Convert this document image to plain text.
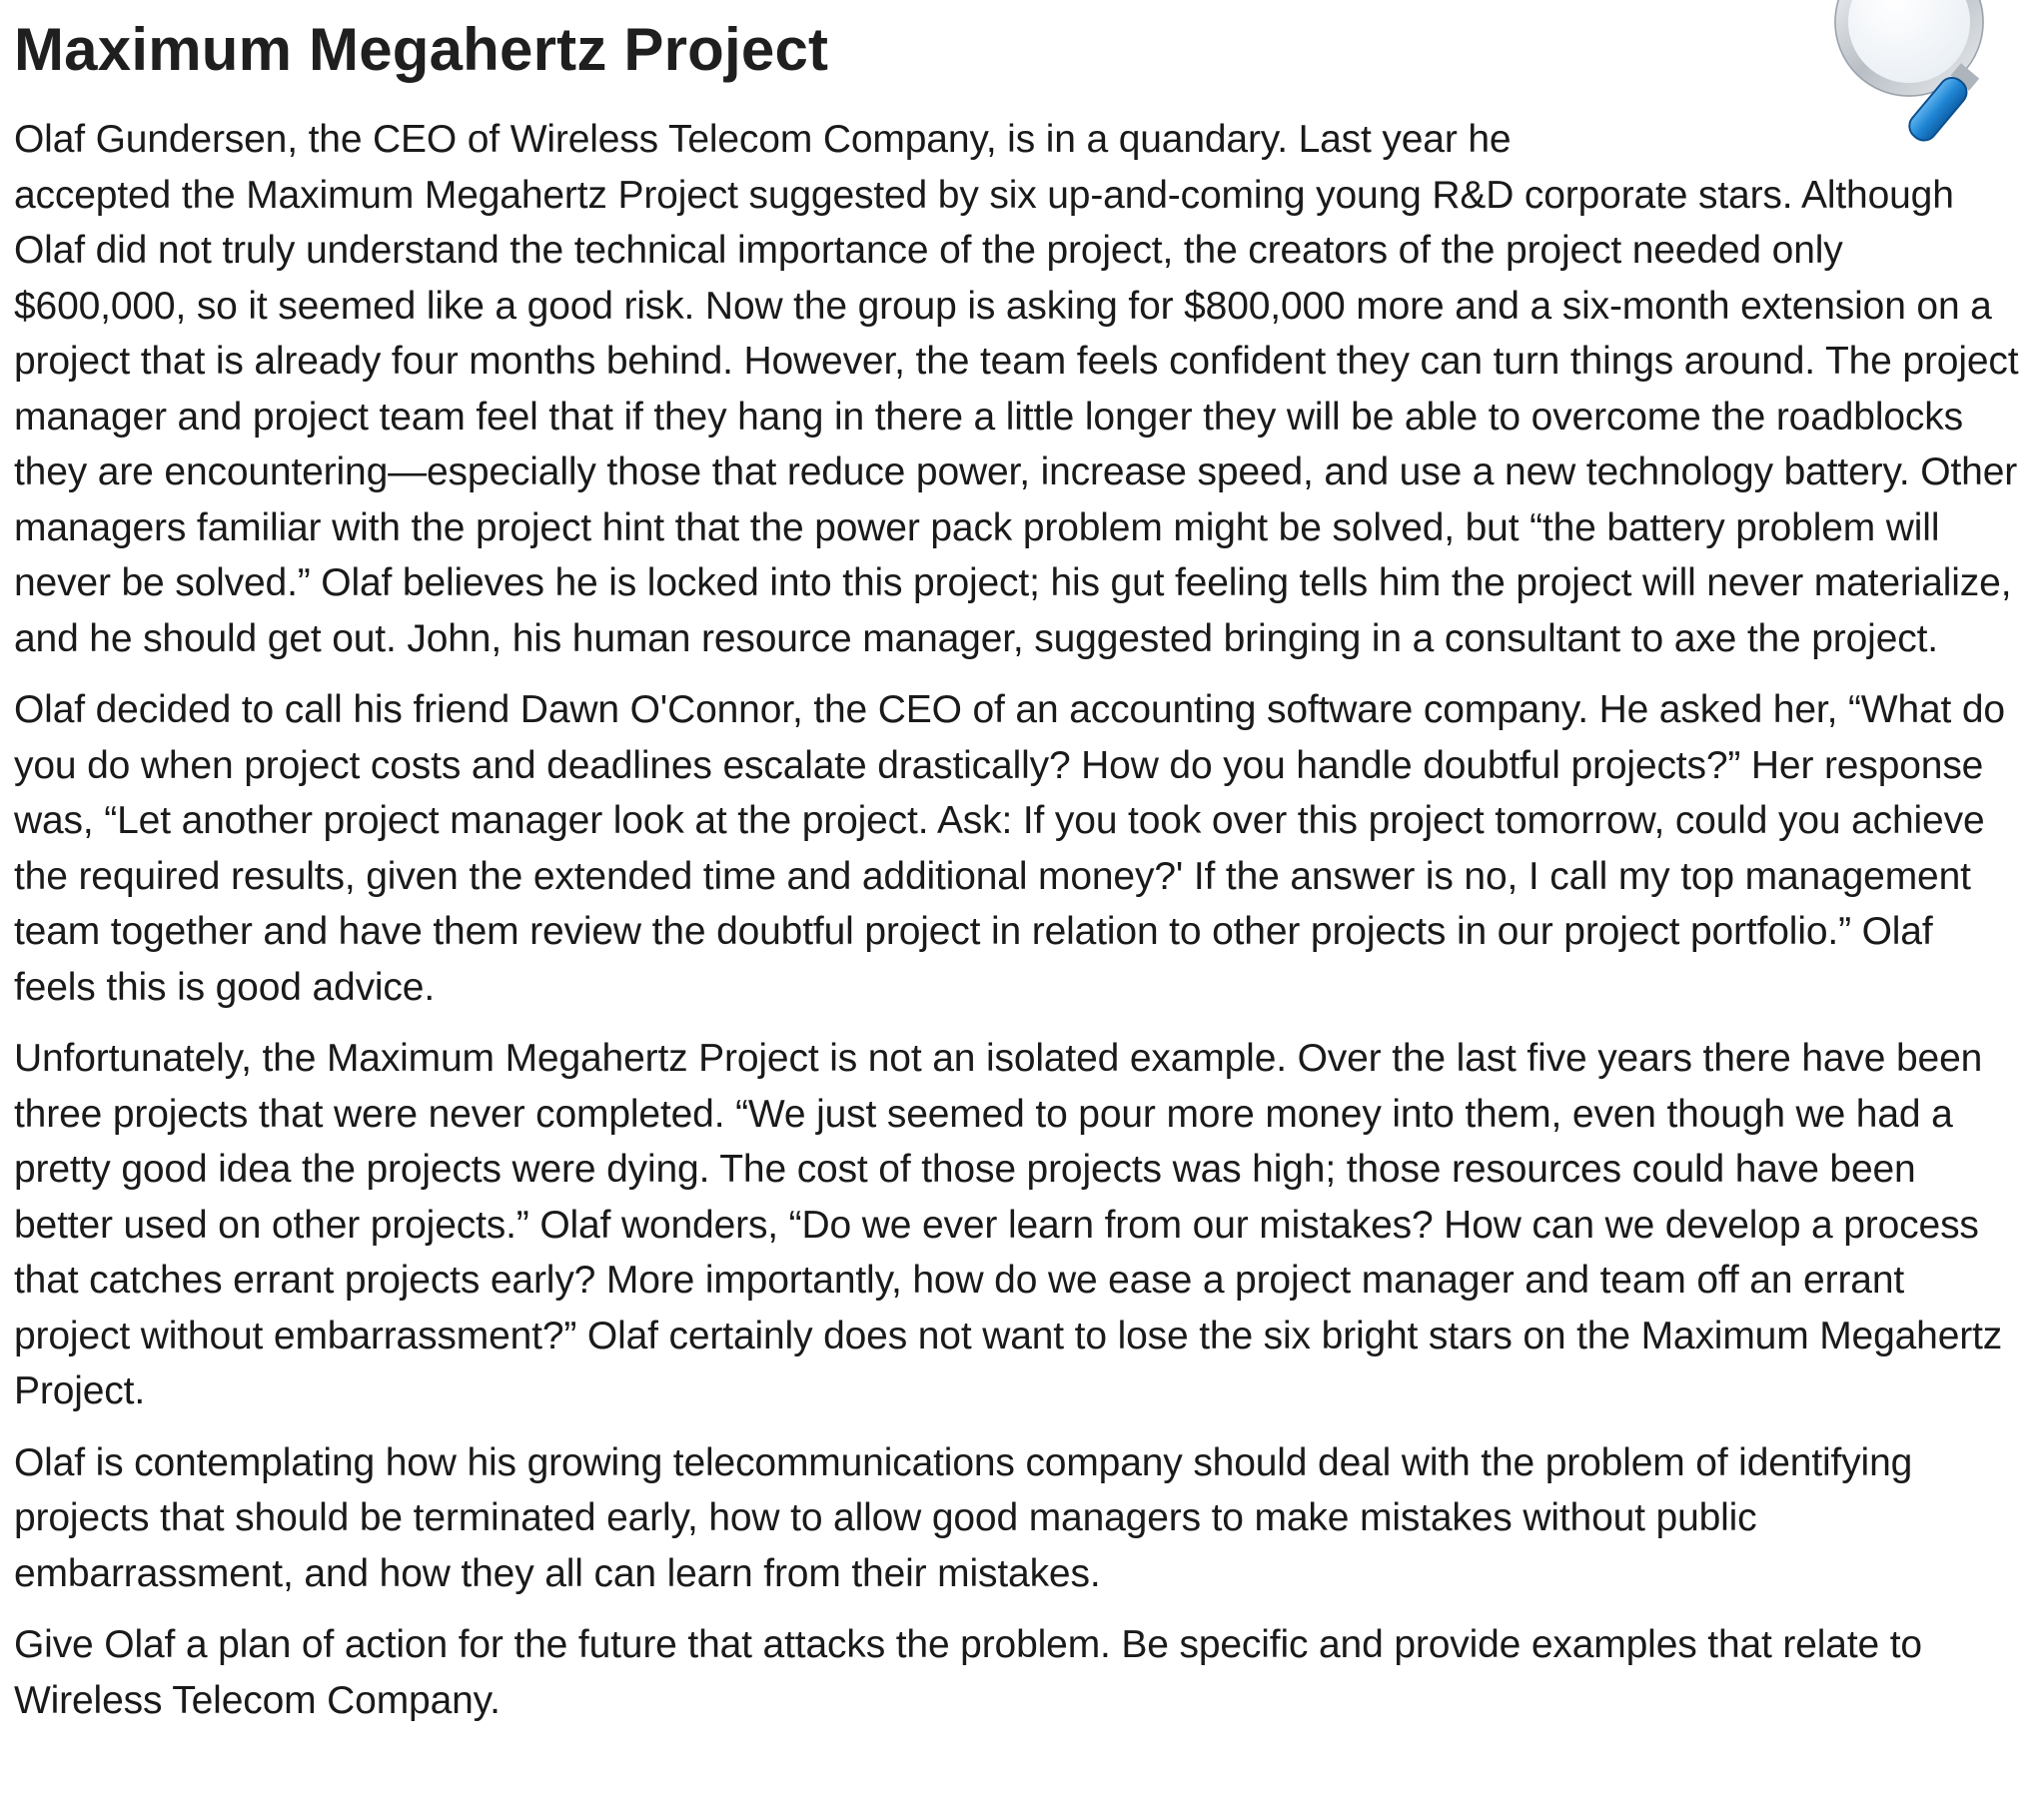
Maximum Megahertz Project

Olaf Gundersen, the CEO of Wireless Telecom Company, is in a quandary. Last year he

accepted the Maximum Megahertz Project suggested by six up-and-coming young R&D corporate stars. Although Olaf did not truly understand the technical importance of the project, the creators of the project needed only $600,000, so it seemed like a good risk. Now the group is asking for $800,000 more and a six-month extension on a project that is already four months behind. However, the team feels confident they can turn things around. The project manager and project team feel that if they hang in there a little longer they will be able to overcome the roadblocks they are encountering—especially those that reduce power, increase speed, and use a new technology battery. Other managers familiar with the project hint that the power pack problem might be solved, but “the battery problem will never be solved.” Olaf believes he is locked into this project; his gut feeling tells him the project will never materialize, and he should get out. John, his human resource manager, suggested bringing in a consultant to axe the project.

Olaf decided to call his friend Dawn O'Connor, the CEO of an accounting software company. He asked her, “What do you do when project costs and deadlines escalate drastically? How do you handle doubtful projects?” Her response was, “Let another project manager look at the project. Ask: If you took over this project tomorrow, could you achieve the required results, given the extended time and additional money?' If the answer is no, I call my top management team together and have them review the doubtful project in relation to other projects in our project portfolio.” Olaf feels this is good advice.

Unfortunately, the Maximum Megahertz Project is not an isolated example. Over the last five years there have been three projects that were never completed. “We just seemed to pour more money into them, even though we had a pretty good idea the projects were dying. The cost of those projects was high; those resources could have been better used on other projects.” Olaf wonders, “Do we ever learn from our mistakes? How can we develop a process that catches errant projects early? More importantly, how do we ease a project manager and team off an errant project without embarrassment?” Olaf certainly does not want to lose the six bright stars on the Maximum Megahertz Project.

Olaf is contemplating how his growing telecommunications company should deal with the problem of identifying projects that should be terminated early, how to allow good managers to make mistakes without public embarrassment, and how they all can learn from their mistakes.

Give Olaf a plan of action for the future that attacks the problem. Be specific and provide examples that relate to Wireless Telecom Company.
